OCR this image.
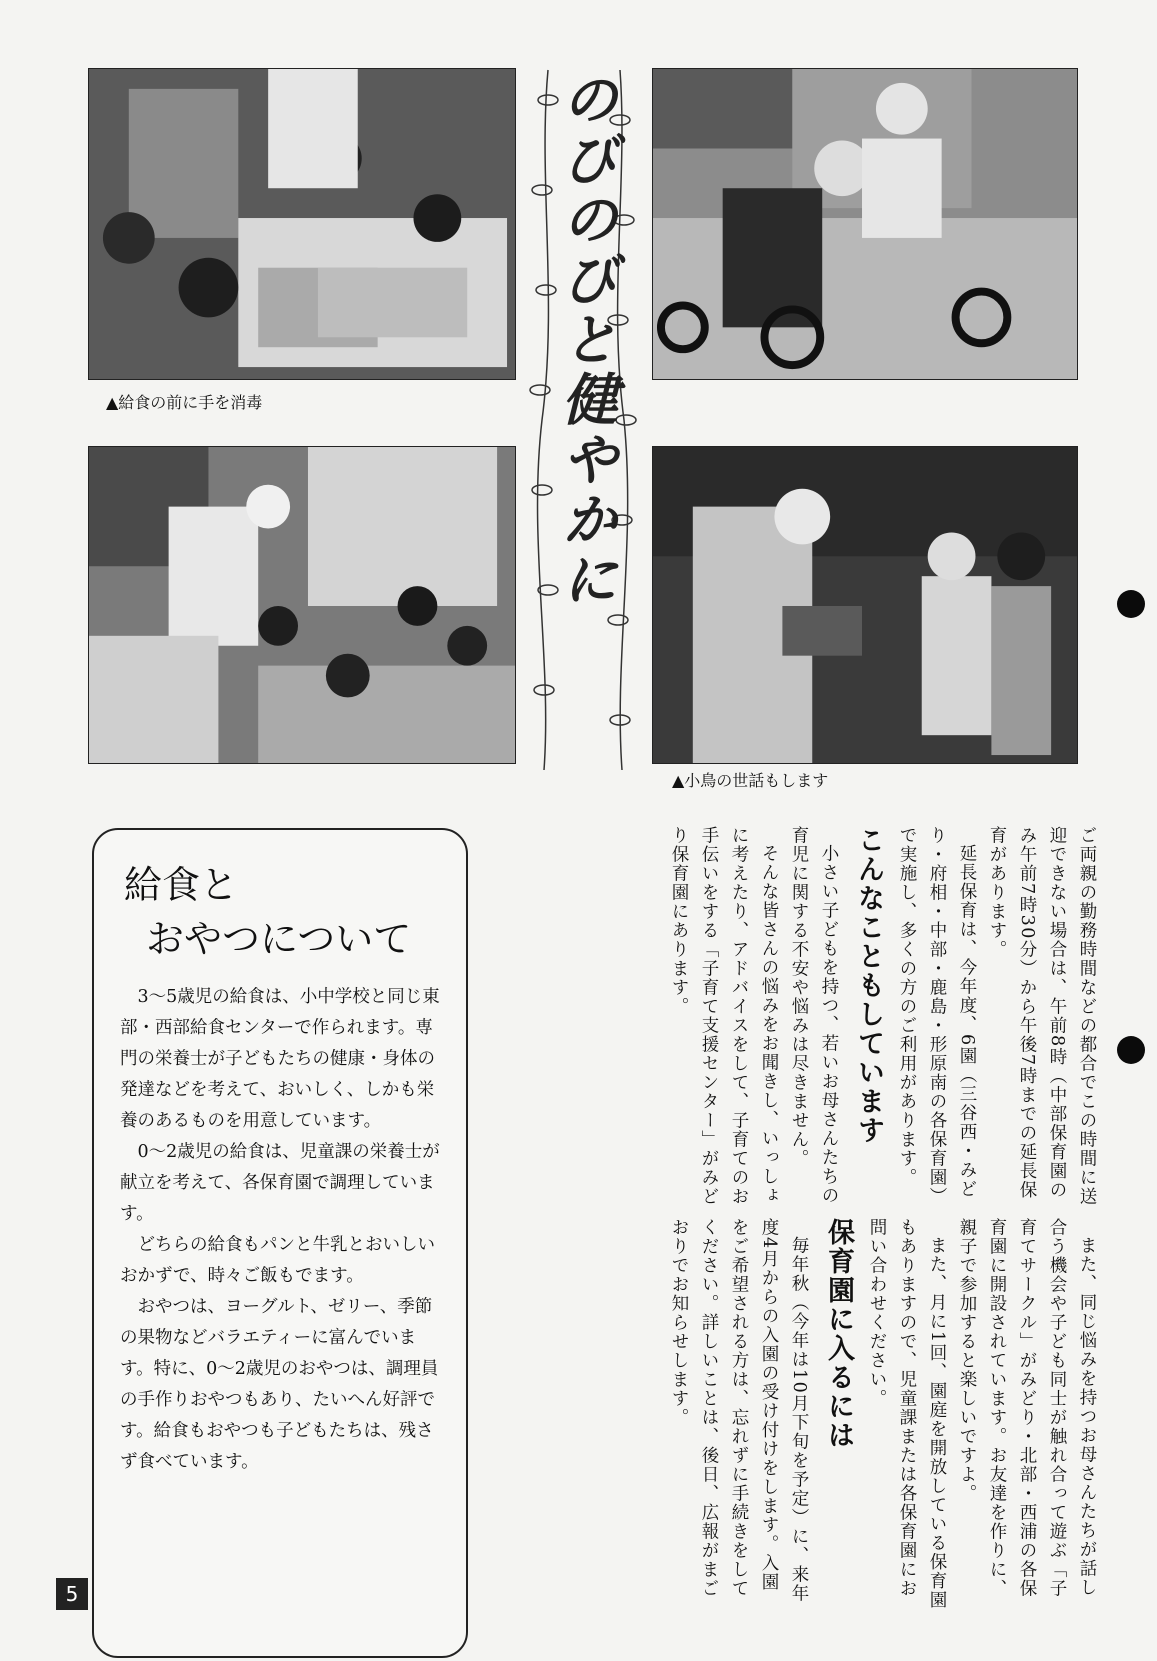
▲給食の前に手を消毒
▲小鳥の世話もします
のびのびと健やかに

ご両親の勤務時間などの都合でこの時間に送迎できない場合は、午前8時（中部保育園のみ午前7時30分）から午後7時までの延長保育があります。

延長保育は、今年度、6園（三谷西・みどり・府相・中部・鹿島・形原南の各保育園）で実施し、多くの方のご利用があります。

こんなこともしています

小さい子どもを持つ、若いお母さんたちの育児に関する不安や悩みは尽きません。

そんな皆さんの悩みをお聞きし、いっしょに考えたり、アドバイスをして、子育てのお手伝いをする「子育て支援センター」がみどり保育園にあります。

また、同じ悩みを持つお母さんたちが話し合う機会や子ども同士が触れ合って遊ぶ「子育てサークル」がみどり・北部・西浦の各保育園に開設されています。お友達を作りに、親子で参加すると楽しいですよ。

また、月に1回、園庭を開放している保育園もありますので、児童課または各保育園にお問い合わせください。

保育園に入るには

毎年秋（今年は10月下旬を予定）に、来年度4月からの入園の受け付けをします。入園をご希望される方は、忘れずに手続きをしてください。詳しいことは、後日、広報がまごおりでお知らせします。

給食と
おやつについて

3～5歳児の給食は、小中学校と同じ東部・西部給食センターで作られます。専門の栄養士が子どもたちの健康・身体の発達などを考えて、おいしく、しかも栄養のあるものを用意しています。

0～2歳児の給食は、児童課の栄養士が献立を考えて、各保育園で調理しています。

どちらの給食もパンと牛乳とおいしいおかずで、時々ご飯もでます。

おやつは、ヨーグルト、ゼリー、季節の果物などバラエティーに富んでいます。特に、0～2歳児のおやつは、調理員の手作りおやつもあり、たいへん好評です。給食もおやつも子どもたちは、残さず食べています。

5
